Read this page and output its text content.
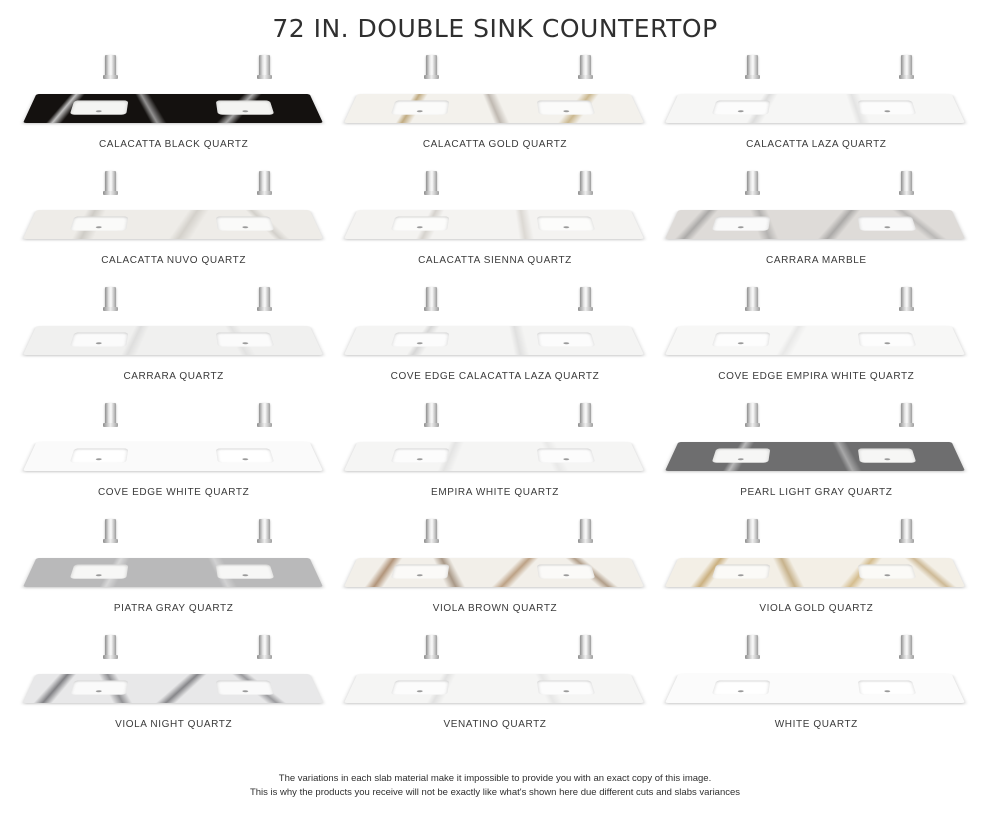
72 IN. DOUBLE SINK COUNTERTOP
CALACATTA BLACK QUARTZ	CALACATTA GOLD QUARTZ	CALACATTA LAZA QUARTZ
CALACATTA NUVO QUARTZ	CALACATTA SIENNA QUARTZ	CARRARA MARBLE
CARRARA QUARTZ	COVE EDGE CALACATTA LAZA QUARTZ	COVE EDGE EMPIRA WHITE QUARTZ
COVE EDGE WHITE QUARTZ	EMPIRA WHITE QUARTZ	PEARL LIGHT GRAY QUARTZ
PIATRA GRAY QUARTZ	VIOLA BROWN QUARTZ	VIOLA GOLD QUARTZ
VIOLA NIGHT QUARTZ	VENATINO QUARTZ	WHITE QUARTZ
The variations in each slab material make it impossible to provide you with an exact copy of this image.
This is why the products you receive will not be exactly like what's shown here due different cuts and slabs variances
